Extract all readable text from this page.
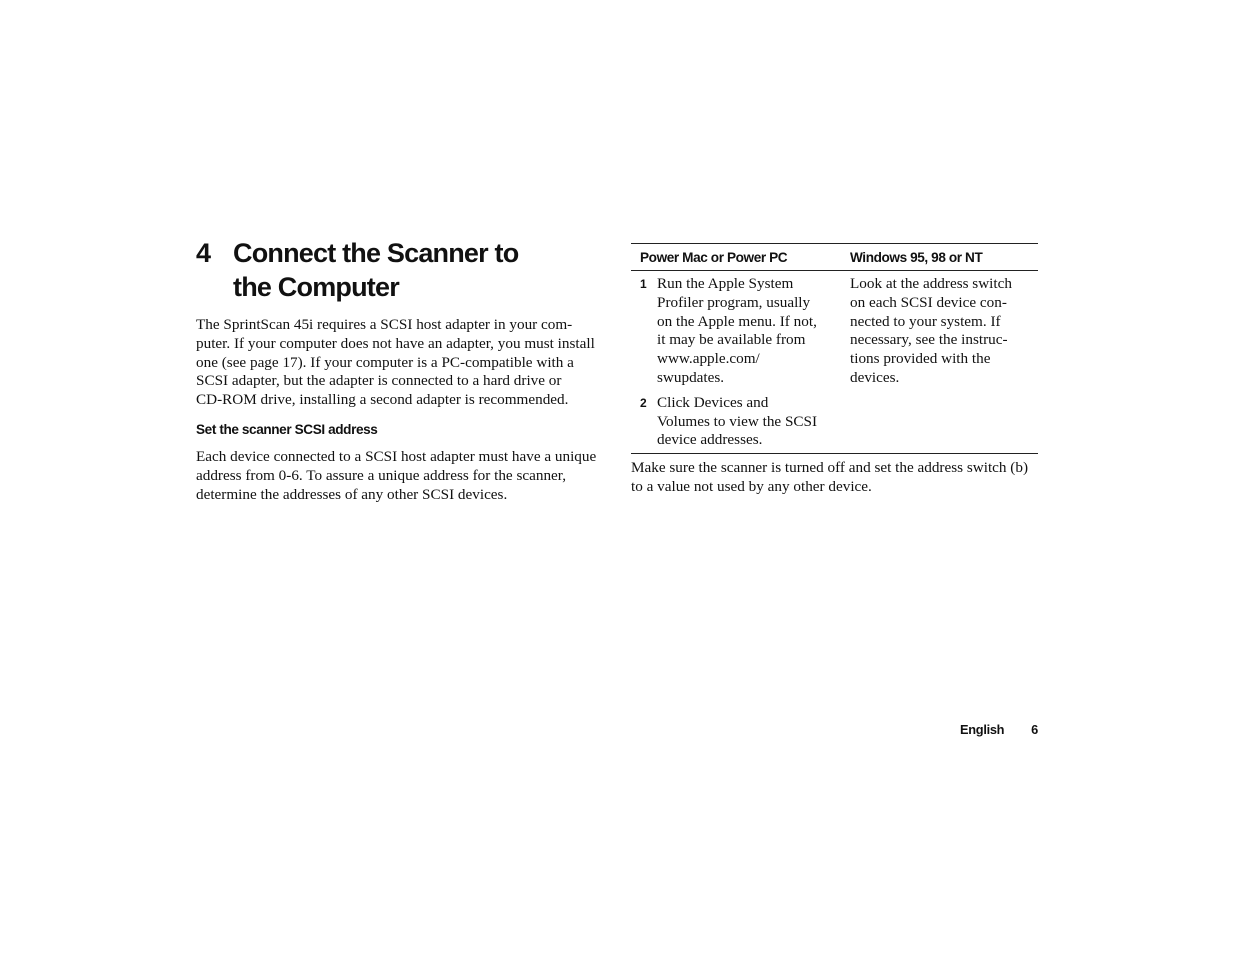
4 Connect the Scanner to
the Computer
The SprintScan 45i requires a SCSI host adapter in your com-
puter. If your computer does not have an adapter, you must install
one (see page 17). If your computer is a PC-compatible with a
SCSI adapter, but the adapter is connected to a hard drive or
CD-ROM drive, installing a second adapter is recommended.
Set the scanner SCSI address
Each device connected to a SCSI host adapter must have a unique
address from 0-6. To assure a unique address for the scanner,
determine the addresses of any other SCSI devices.
Power Mac or Power PC	Windows 95, 98 or NT
1 Run the Apple System
Profiler program, usually
on the Apple menu. If not,
it may be available from
www.apple.com/
swupdates.
2 Click Devices and
Volumes to view the SCSI
device addresses.
Look at the address switch
on each SCSI device con-
nected to your system. If
necessary, see the instruc-
tions provided with the
devices.
Make sure the scanner is turned off and set the address switch (b)
to a value not used by any other device.
English 6
